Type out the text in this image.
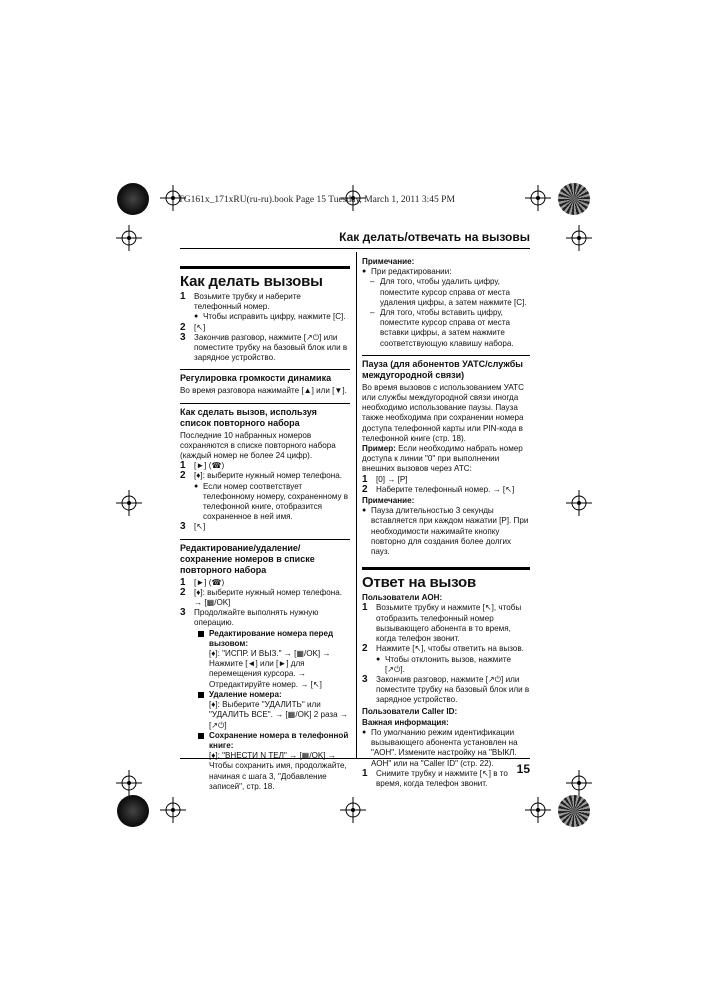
TG161x_171xRU(ru-ru).book Page 15 Tuesday, March 1, 2011 3:45 PM
Как делать/отвечать на вызовы
15
Как делать вызовы
1	Возьмите трубку и наберите телефонный номер.
● Чтобы исправить цифру, нажмите [C].
2	[↖]
3	Закончив разговор, нажмите [↗⏻] или поместите трубку на базовый блок или в зарядное устройство.
Регулировка громкости динамика

Во время разговора нажимайте [▲] или [▼].

Как сделать вызов, используя список повторного набора

Последние 10 набранных номеров сохраняются в списке повторного набора (каждый номер не более 24 цифр).

1	[►] (☎)
2	[♦]: выберите нужный номер телефона.
● Если номер соответствует телефонному номеру, сохраненному в телефонной книге, отобразится сохраненное в ней имя.
3	[↖]
Редактирование/удаление/сохранение номеров в списке повторного набора
1	[►] (☎)
2	[♦]: выберите нужный номер телефона. → [▦/OK]
3	Продолжайте выполнять нужную операцию.
Редактирование номера перед вызовом:
[♦]: "ИСПР. И ВЫЗ." → [▦/OK] → Нажмите [◄] или [►] для перемещения курсора. → Отредактируйте номер. → [↖]
Удаление номера:
[♦]: Выберите "УДАЛИТЬ" или "УДАЛИТЬ ВСЕ". → [▦/OK] 2 раза → [↗⏻]
Сохранение номера в телефонной книге:
[♦]: "ВНЕСТИ N ТЕЛ" → [▦/OK] → Чтобы сохранить имя, продолжайте, начиная с шага 3, "Добавление записей", стр. 18.
Примечание:
● При редактировании:
– Для того, чтобы удалить цифру, поместите курсор справа от места удаления цифры, а затем нажмите [C].
– Для того, чтобы вставить цифру, поместите курсор справа от места вставки цифры, а затем нажмите соответствующую клавишу набора.
Пауза (для абонентов УАТС/службы междугородной связи)

Во время вызовов с использованием УАТС или службы междугородной связи иногда необходимо использование паузы. Пауза также необходима при сохранении номера доступа телефонной карты или PIN-кода в телефонной книге (стр. 18).

Пример: Если необходимо набрать номер доступа к линии "0" при выполнении внешних вызовов через АТС:

1	[0] → [P]
2	Наберите телефонный номер. → [↖]
Примечание:
● Пауза длительностью 3 секунды вставляется при каждом нажатии [P]. При необходимости нажимайте кнопку повторно для создания более долгих пауз.
Ответ на вызов
Пользователи АОН:
1	Возьмите трубку и нажмите [↖], чтобы отобразить телефонный номер вызывающего абонента в то время, когда телефон звонит.
2	Нажмите [↖], чтобы ответить на вызов.
● Чтобы отклонить вызов, нажмите [↗⏻].
3	Закончив разговор, нажмите [↗⏻] или поместите трубку на базовый блок или в зарядное устройство.
Пользователи Caller ID:
Важная информация:
● По умолчанию режим идентификации вызывающего абонента установлен на "АОН". Измените настройку на "ВЫКЛ. АОН" или на "Caller ID" (стр. 22).
1	Снимите трубку и нажмите [↖] в то время, когда телефон звонит.
